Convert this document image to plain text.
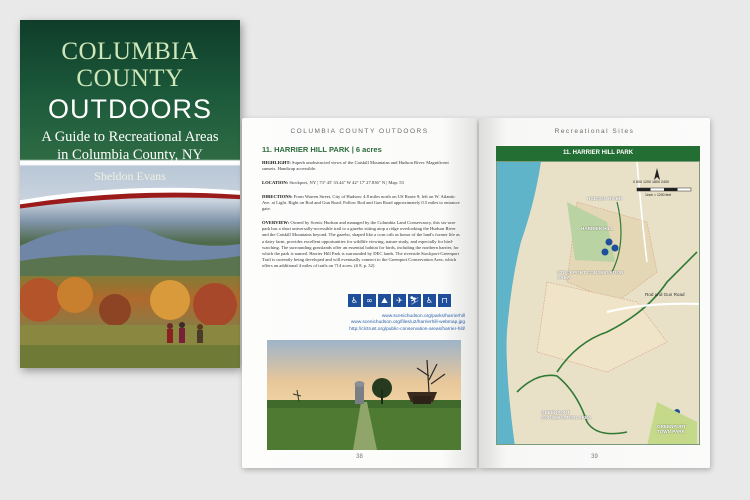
COLUMBIA
COUNTY
OUTDOORS
A Guide to Recreational Areas
in Columbia County, NY
Sheldon Evans
COLUMBIA COUNTY OUTDOORS
11. HARRIER HILL PARK | 6 acres
HIGHLIGHT: Superb unobstructed views of the Catskill Mountains and Hudson River. Magnificent sunsets. Handicap accessible.
LOCATION: Stockport, NY | 73° 45' 33.44" W 42° 17' 27.836" N | Map: 53
DIRECTIONS: From Warren Street, City of Hudson: 4.8 miles north on US Route 9; left on W. Atlantic Ave. at Light. Right on Rod and Gun Road. Follow Rod and Gun Road approximately 0.5 miles to entrance gate.
OVERVIEW: Owned by Scenic Hudson and managed by the Columbia Land Conservancy, this six-acre park has a short universally-accessible trail to a gazebo sitting atop a ridge overlooking the Hudson River and the Catskill Mountains beyond. The gazebo, shaped like a corn crib as honor of the land's former life as a dairy farm, provides excellent opportunities for wildlife viewing, nature study, and especially for bird-watching. The surrounding grasslands offer an essential habitat for birds, including the northern harrier, for which the park is named. Harrier Hill Park is surrounded by DEC lands. The riverside Stockport-Greenport Trail is currently being developed and will eventually connect to the Greenport Conservation Area, which offers an additional 4 miles of trails on 714 acres. (# 8, p. 32)
♿	∞	⛰	✈ ⛷ ♿	⊓
www.scenichudson.org/parks/harrierhill
www.scenichudson.org/files/u2/harrierhill-webmap.jpg
http://clctrust.org/public-conservation-areas/harrier-hill/
38
Recreational Sites
11. HARRIER HILL PARK
HUDSON RIVER
HARRIER HILL
STOCKPORT CONSERVATION AREA
Rod and Gun Road
GREENPORT CONSERVATION AREA
GREENPORT TOWN PARK
0 600 1200 1800 2400
1inch = 1200 feet
39
